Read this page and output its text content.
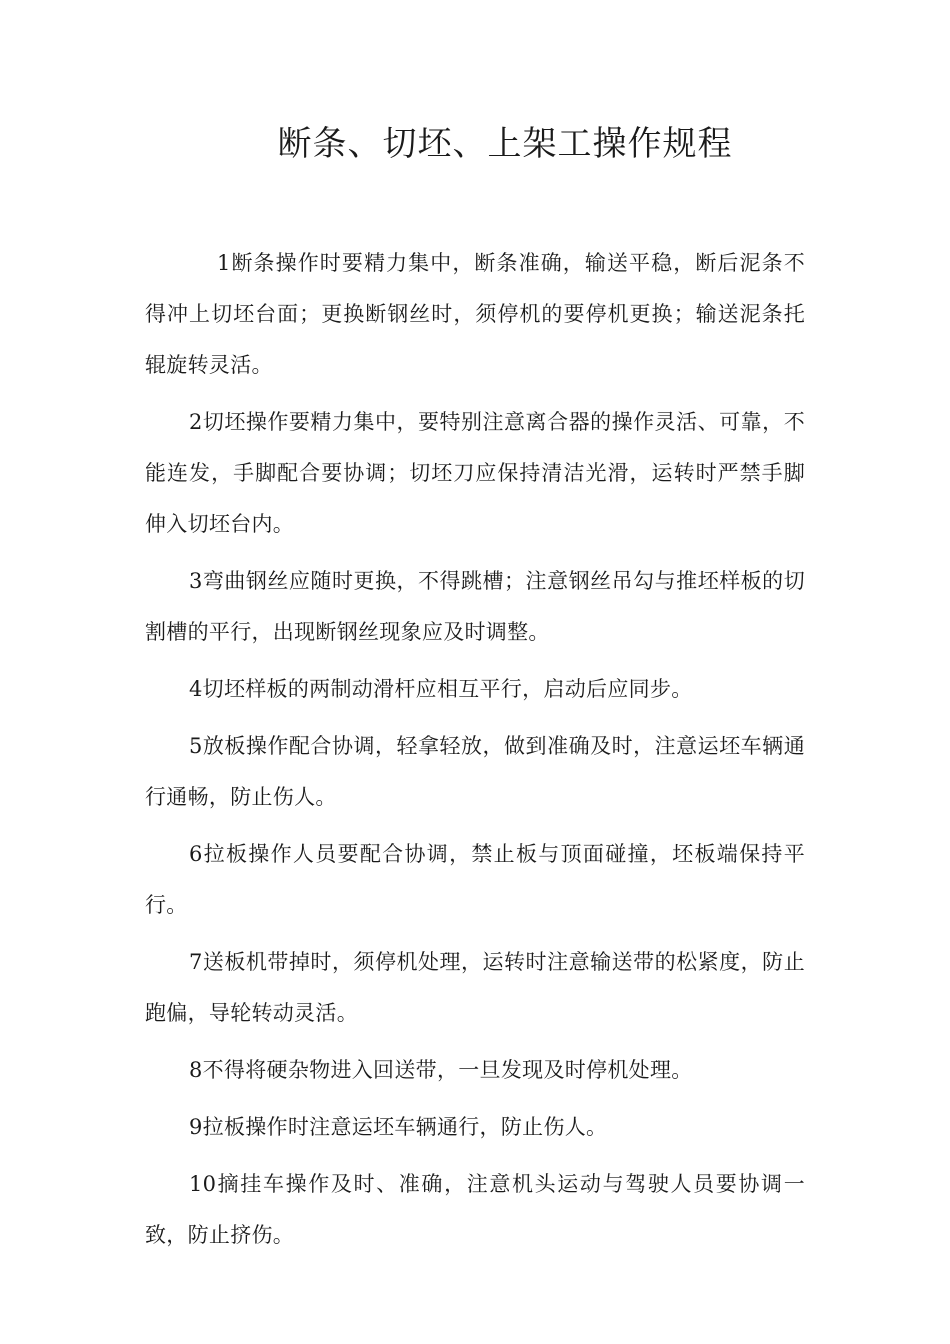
断条、切坯、上架工操作规程

1断条操作时要精力集中，断条准确，输送平稳，断后泥条不得冲上切坯台面；更换断钢丝时，须停机的要停机更换；输送泥条托辊旋转灵活。

2切坯操作要精力集中，要特别注意离合器的操作灵活、可靠，不能连发，手脚配合要协调；切坯刀应保持清洁光滑，运转时严禁手脚伸入切坯台内。

3弯曲钢丝应随时更换，不得跳槽；注意钢丝吊勾与推坯样板的切割槽的平行，出现断钢丝现象应及时调整。

4切坯样板的两制动滑杆应相互平行，启动后应同步。

5放板操作配合协调，轻拿轻放，做到准确及时，注意运坯车辆通行通畅，防止伤人。

6拉板操作人员要配合协调，禁止板与顶面碰撞，坯板端保持平行。

7送板机带掉时，须停机处理，运转时注意输送带的松紧度，防止跑偏，导轮转动灵活。

8不得将硬杂物进入回送带，一旦发现及时停机处理。

9拉板操作时注意运坯车辆通行，防止伤人。

10摘挂车操作及时、准确，注意机头运动与驾驶人员要协调一致，防止挤伤。
